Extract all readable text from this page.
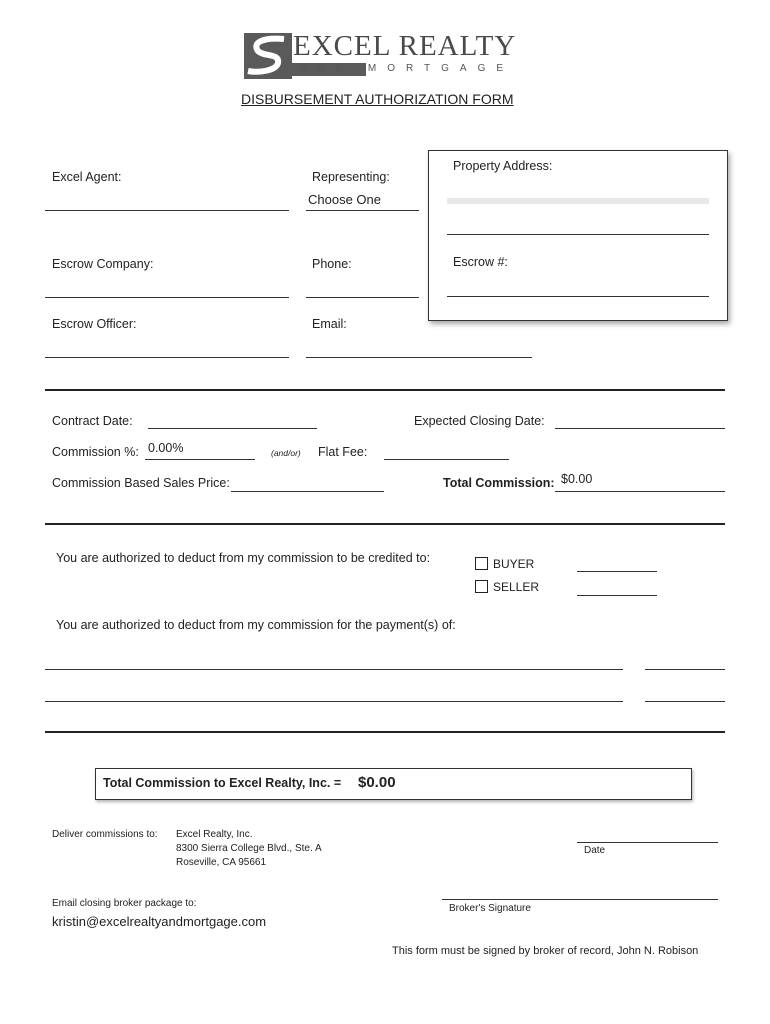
EXCEL REALTY
AND MORTGAGE
DISBURSEMENT AUTHORIZATION FORM
Property Address:
Escrow #:
Excel Agent:	Representing:
Choose One
Escrow Company:	Phone:
Escrow Officer:	Email:
Contract Date:	Expected Closing Date:
Commission %: 0.00%	(and/or) Flat Fee:
Commission Based Sales Price:	Total Commission: $0.00
You are authorized to deduct from my commission to be credited to:	BUYER
SELLER
You are authorized to deduct from my commission for the payment(s) of:
Total Commission to Excel Realty, Inc. = $0.00
Deliver commissions to: Excel Realty, Inc.
8300 Sierra College Blvd., Ste. A
Roseville, CA 95661
Date
Email closing broker package to:
kristin@excelrealtyandmortgage.com
Broker's Signature
This form must be signed by broker of record, John N. Robison
